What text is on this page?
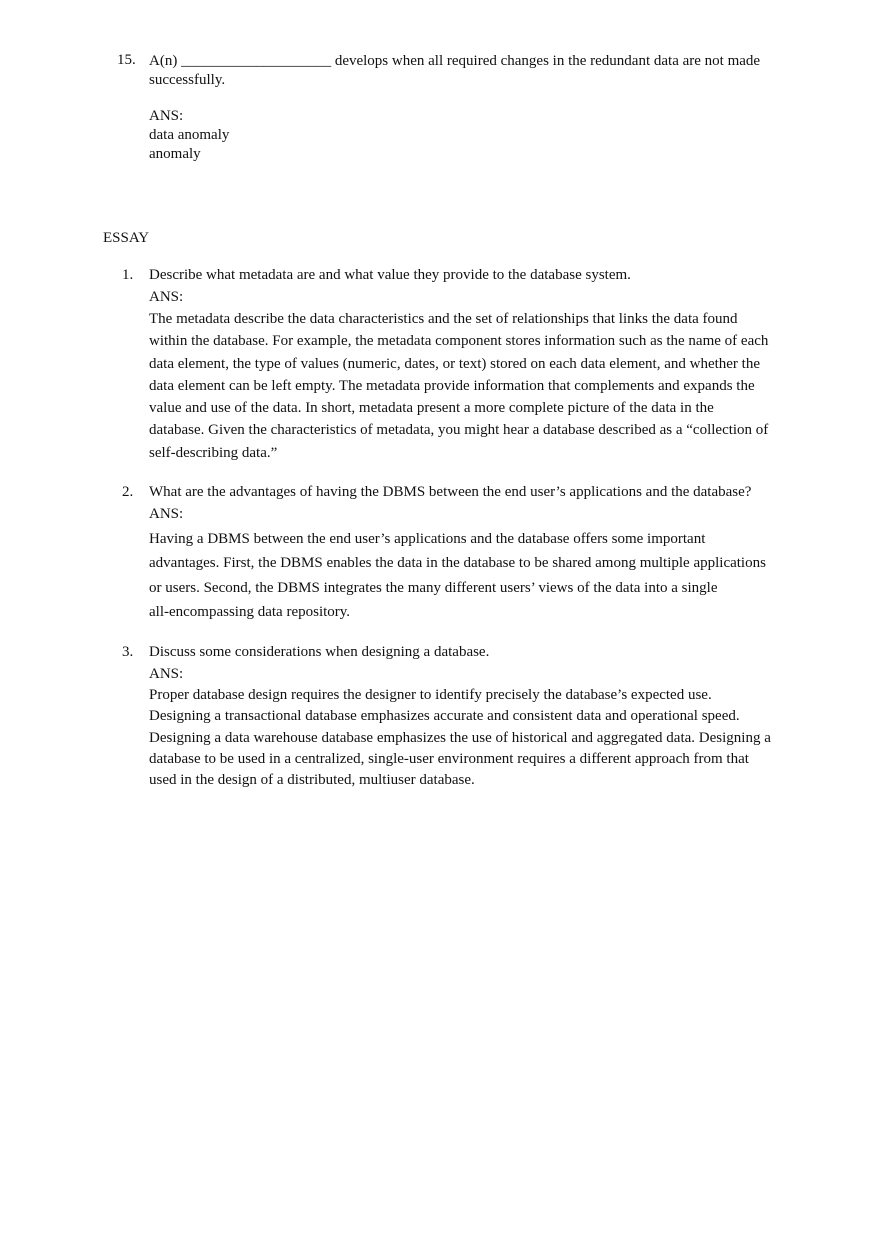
15. A(n) ____________________ develops when all required changes in the redundant data are not made
successfully.
ANS:
data anomaly
anomaly
ESSAY
1. Describe what metadata are and what value they provide to the database system.
ANS:
The metadata describe the data characteristics and the set of relationships that links the data found
within the database. For example, the metadata component stores information such as the name of each
data element, the type of values (numeric, dates, or text) stored on each data element, and whether the
data element can be left empty. The metadata provide information that complements and expands the
value and use of the data. In short, metadata present a more complete picture of the data in the
database. Given the characteristics of metadata, you might hear a database described as a “collection of
self-describing data.”
2. What are the advantages of having the DBMS between the end user’s applications and the database?
ANS:
Having a DBMS between the end user’s applications and the database offers some important
advantages. First, the DBMS enables the data in the database to be shared among multiple applications
or users. Second, the DBMS integrates the many different users’ views of the data into a single
all-encompassing data repository.
3. Discuss some considerations when designing a database.
ANS:
Proper database design requires the designer to identify precisely the database’s expected use.
Designing a transactional database emphasizes accurate and consistent data and operational speed.
Designing a data warehouse database emphasizes the use of historical and aggregated data. Designing a
database to be used in a centralized, single-user environment requires a different approach from that
used in the design of a distributed, multiuser database.
